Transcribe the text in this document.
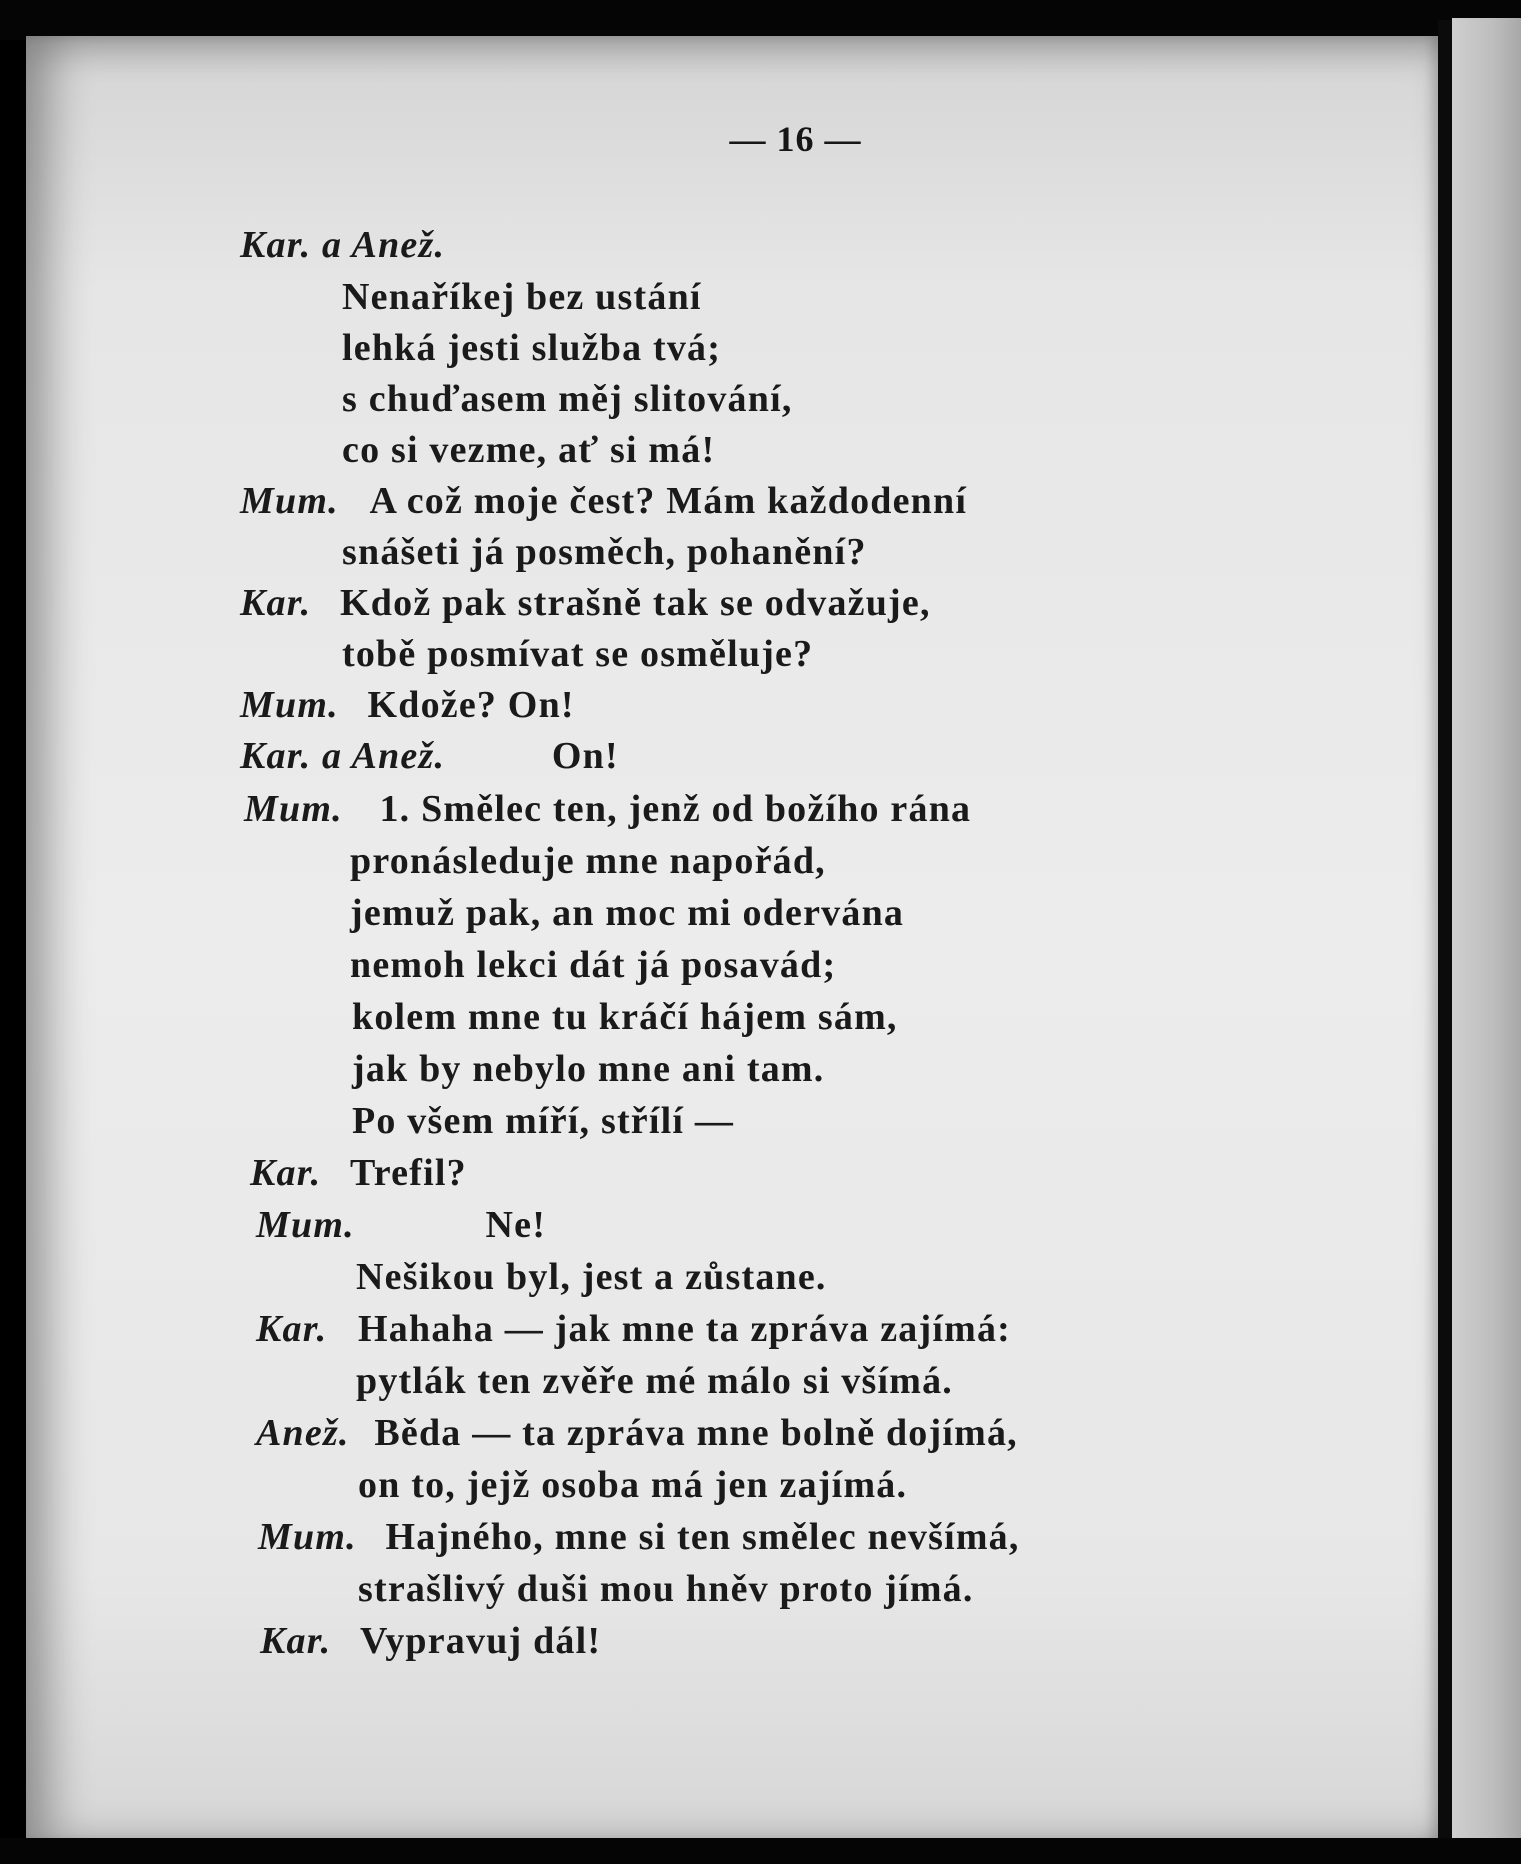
— 16 —
Kar. a Anež.
Nenaříkej bez ustání
lehká jesti služba tvá;
s chuďasem měj slitování,
co si vezme, ať si má!
Mum. A což moje čest? Mám každodenní
snášeti já posměch, pohanění?
Kar. Kdož pak strašně tak se odvažuje,
tobě posmívat se osměluje?
Mum. Kdože? On!
Kar. a Anež.	On!
Mum. 1. Smělec ten, jenž od božího rána
pronásleduje mne napořád,
jemuž pak, an moc mi odervána
nemoh lekci dát já posavád;
kolem mne tu kráčí hájem sám,
jak by nebylo mne ani tam.
Po všem míří, střílí —
Kar. Trefil?
Mum.	Ne!
Nešikou byl, jest a zůstane.
Kar. Hahaha — jak mne ta zpráva zajímá:
pytlák ten zvěře mé málo si všímá.
Anež. Běda — ta zpráva mne bolně dojímá,
on to, jejž osoba má jen zajímá.
Mum. Hajného, mne si ten smělec nevšímá,
strašlivý duši mou hněv proto jímá.
Kar. Vypravuj dál!
